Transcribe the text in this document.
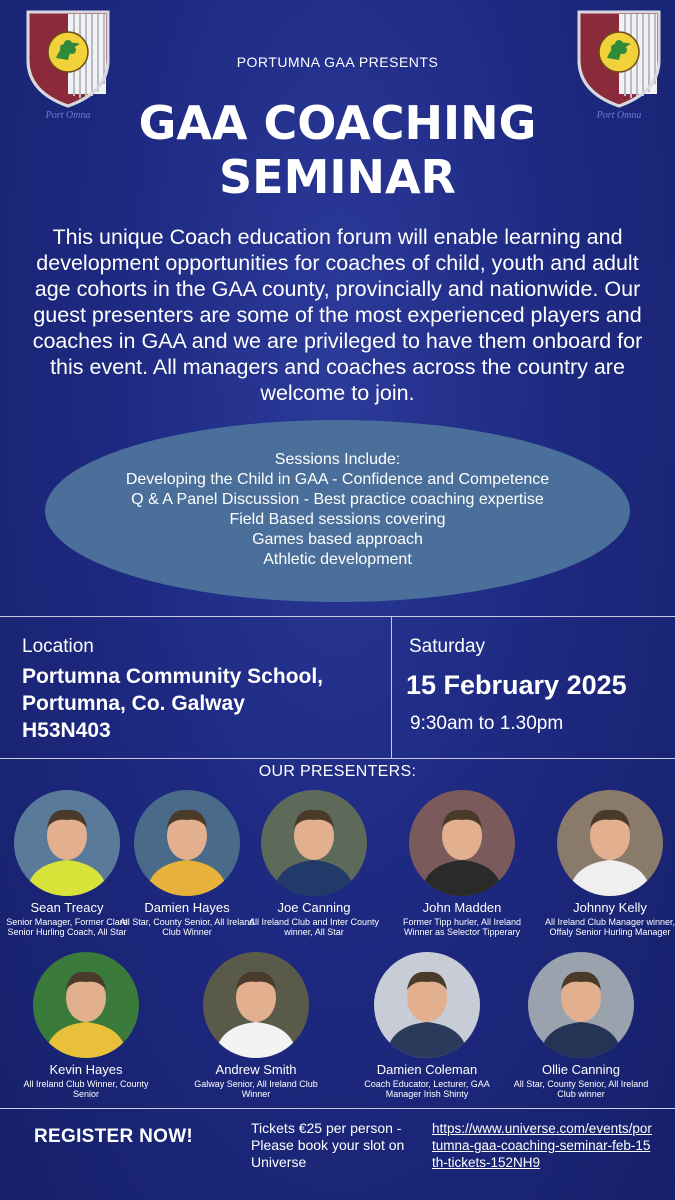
Port Omna	Port Omna
PORTUMNA GAA PRESENTS
GAA COACHING
SEMINAR
This unique Coach education forum will enable learning and development opportunities for coaches of child, youth and adult age cohorts in the GAA county, provincially and nationwide. Our guest presenters are some of the most experienced players and coaches in GAA and we are privileged to have them onboard for this event. All managers and coaches across the country are welcome to join.
Sessions Include:
Developing the Child in GAA - Confidence and Competence
Q & A Panel Discussion - Best practice coaching expertise
Field Based sessions covering
Games based approach
Athletic development
Location
Portumna Community School,
Portumna, Co. Galway
H53N403
Saturday
15 February 2025
9:30am to 1.30pm
OUR PRESENTERS:
Sean Treacy
Senior Manager, Former Clare Senior Hurling Coach, All Star
Damien Hayes
All Star, County Senior, All Ireland Club Winner
Joe Canning
All Ireland Club and Inter County winner, All Star
John Madden
Former Tipp hurler, All Ireland Winner as Selector Tipperary
Johnny Kelly
All Ireland Club Manager winner, Offaly Senior Hurling Manager
Kevin Hayes
All Ireland Club Winner, County Senior
Andrew Smith
Galway Senior, All Ireland Club Winner
Damien Coleman
Coach Educator, Lecturer, GAA Manager Irish Shinty
Ollie Canning
All Star, County Senior, All Ireland Club winner
REGISTER NOW!	Tickets €25 per person - Please book your slot on Universe
https://www.universe.com/events/portumna-gaa-coaching-seminar-feb-15th-tickets-152NH9
